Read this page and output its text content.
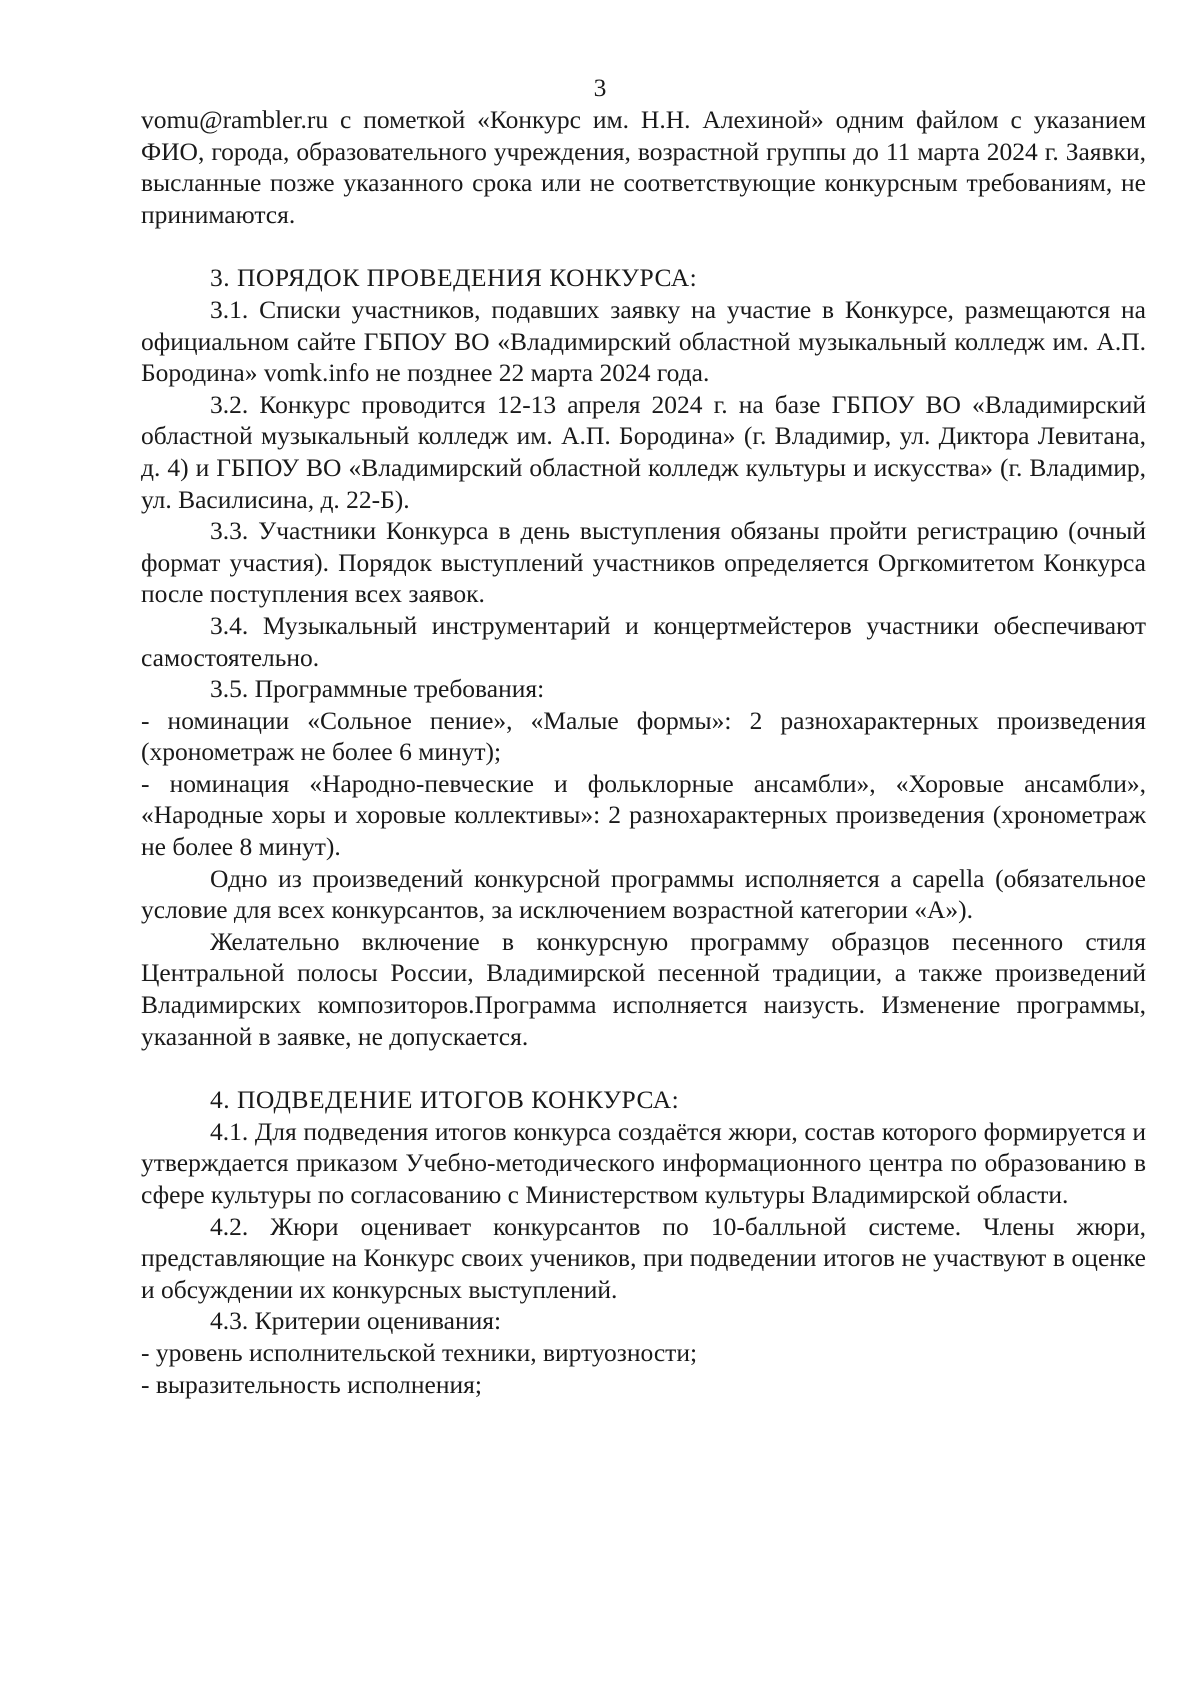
3

vomu@rambler.ru с пометкой «Конкурс им. Н.Н. Алехиной» одним файлом с указанием ФИО, города, образовательного учреждения, возрастной группы до 11 марта 2024 г. Заявки, высланные позже указанного срока или не соответствующие конкурсным требованиям, не принимаются.

3. ПОРЯДОК ПРОВЕДЕНИЯ КОНКУРСА:

3.1. Списки участников, подавших заявку на участие в Конкурсе, размещаются на официальном сайте ГБПОУ ВО «Владимирский областной музыкальный колледж им. А.П. Бородина» vomk.info не позднее 22 марта 2024 года.

3.2. Конкурс проводится 12-13 апреля 2024 г. на базе ГБПОУ ВО «Владимирский областной музыкальный колледж им. А.П. Бородина» (г. Владимир, ул. Диктора Левитана, д. 4) и ГБПОУ ВО «Владимирский областной колледж культуры и искусства» (г. Владимир, ул. Василисина, д. 22-Б).

3.3. Участники Конкурса в день выступления обязаны пройти регистрацию (очный формат участия). Порядок выступлений участников определяется Оргкомитетом Конкурса после поступления всех заявок.

3.4. Музыкальный инструментарий и концертмейстеров участники обеспечивают самостоятельно.

3.5. Программные требования:

- номинации «Сольное пение», «Малые формы»: 2 разнохарактерных произведения (хронометраж не более 6 минут);

- номинация «Народно-певческие и фольклорные ансамбли», «Хоровые ансамбли», «Народные хоры и хоровые коллективы»: 2 разнохарактерных произведения (хронометраж не более 8 минут).

Одно из произведений конкурсной программы исполняется a capella (обязательное условие для всех конкурсантов, за исключением возрастной категории «А»).

Желательно включение в конкурсную программу образцов песенного стиля Центральной полосы России, Владимирской песенной традиции, а также произведений Владимирских композиторов.Программа исполняется наизусть. Изменение программы, указанной в заявке, не допускается.

4. ПОДВЕДЕНИЕ ИТОГОВ КОНКУРСА:

4.1. Для подведения итогов конкурса создаётся жюри, состав которого формируется и утверждается приказом Учебно-методического информационного центра по образованию в сфере культуры по согласованию с Министерством культуры Владимирской области.

4.2. Жюри оценивает конкурсантов по 10-балльной системе. Члены жюри, представляющие на Конкурс своих учеников, при подведении итогов не участвуют в оценке и обсуждении их конкурсных выступлений.

4.3. Критерии оценивания:

- уровень исполнительской техники, виртуозности;

- выразительность исполнения;
